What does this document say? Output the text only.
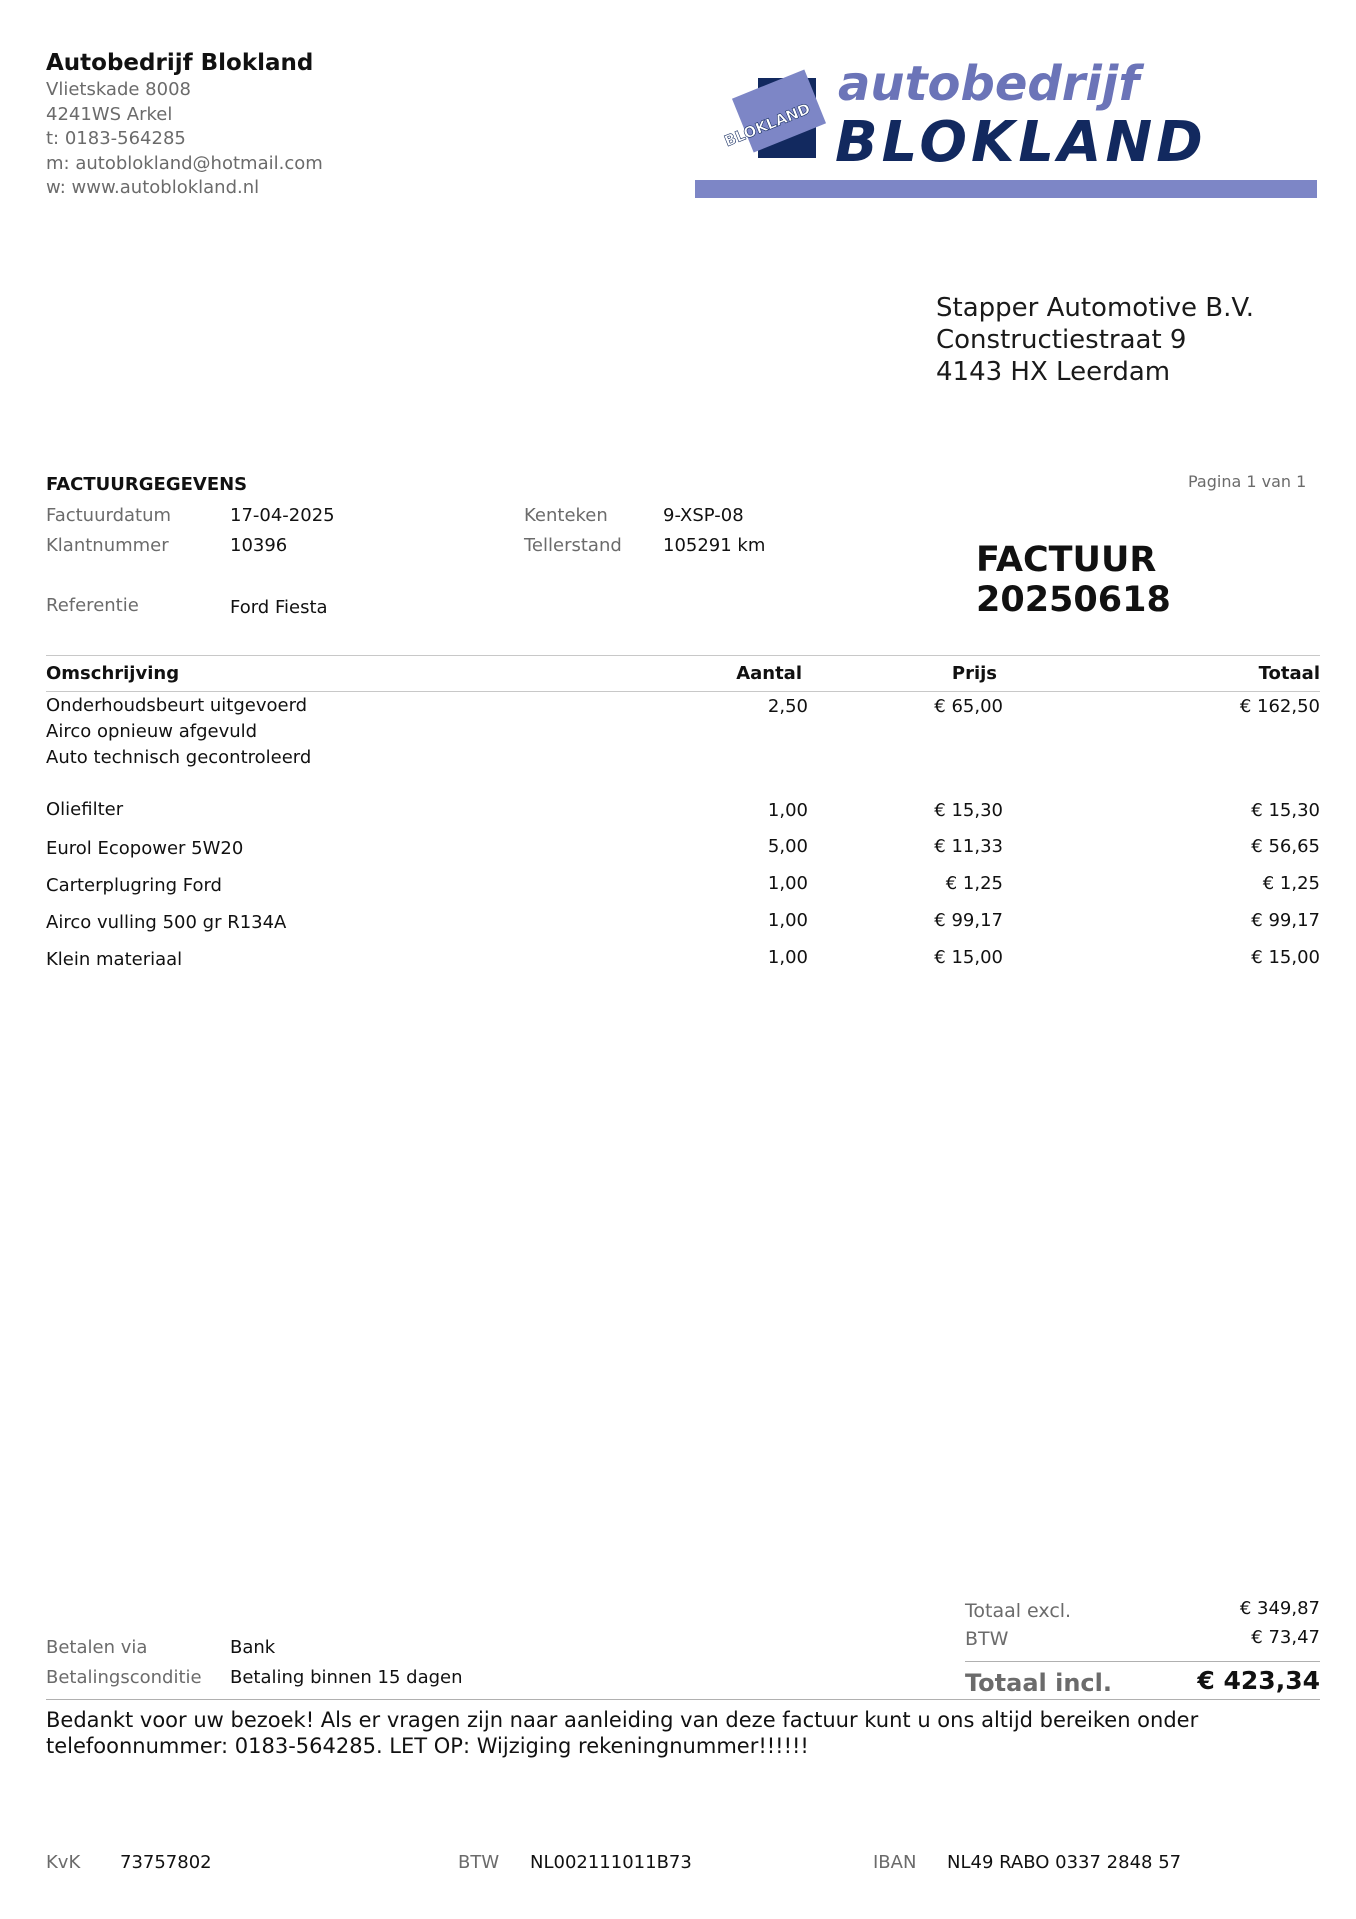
Autobedrijf Blokland
Vlietskade 8008
4241WS Arkel
t: 0183-564285
m: autoblokland@hotmail.com
w: www.autoblokland.nl
BLOKLAND
autobedrijf
BLOKLAND
Stapper Automotive B.V.
Constructiestraat 9
4143 HX Leerdam
FACTUURGEGEVENS	Pagina 1 van 1
Factuurdatum	17-04-2025
Klantnummer	10396
Referentie	Ford Fiesta
Kenteken	9-XSP-08
Tellerstand 105291 km	FACTUUR 20250618
Omschrijving	Aantal	Prijs	Totaal
Onderhoudsbeurt uitgevoerd
Airco opnieuw afgevuld
Auto technisch gecontroleerd
2,50	€ 65,00	€ 162,50
Oliefilter	1,00	€ 15,30	€ 15,30
Eurol Ecopower 5W20	5,00	€ 11,33	€ 56,65
Carterplugring Ford	1,00	€ 1,25	€ 1,25
Airco vulling 500 gr R134A	1,00	€ 99,17	€ 99,17
Klein materiaal	1,00	€ 15,00	€ 15,00
Totaal excl.	€ 349,87
BTW	€ 73,47
Totaal incl.	€ 423,34
Betalen via	Bank
Betalingsconditie Betaling binnen 15 dagen
Bedankt voor uw bezoek! Als er vragen zijn naar aanleiding van deze factuur kunt u ons altijd bereiken onder telefoonnummer: 0183-564285. LET OP: Wijziging rekeningnummer!!!!!!
KvK 73757802	BTW NL002111011B73	IBAN NL49 RABO 0337 2848 57
